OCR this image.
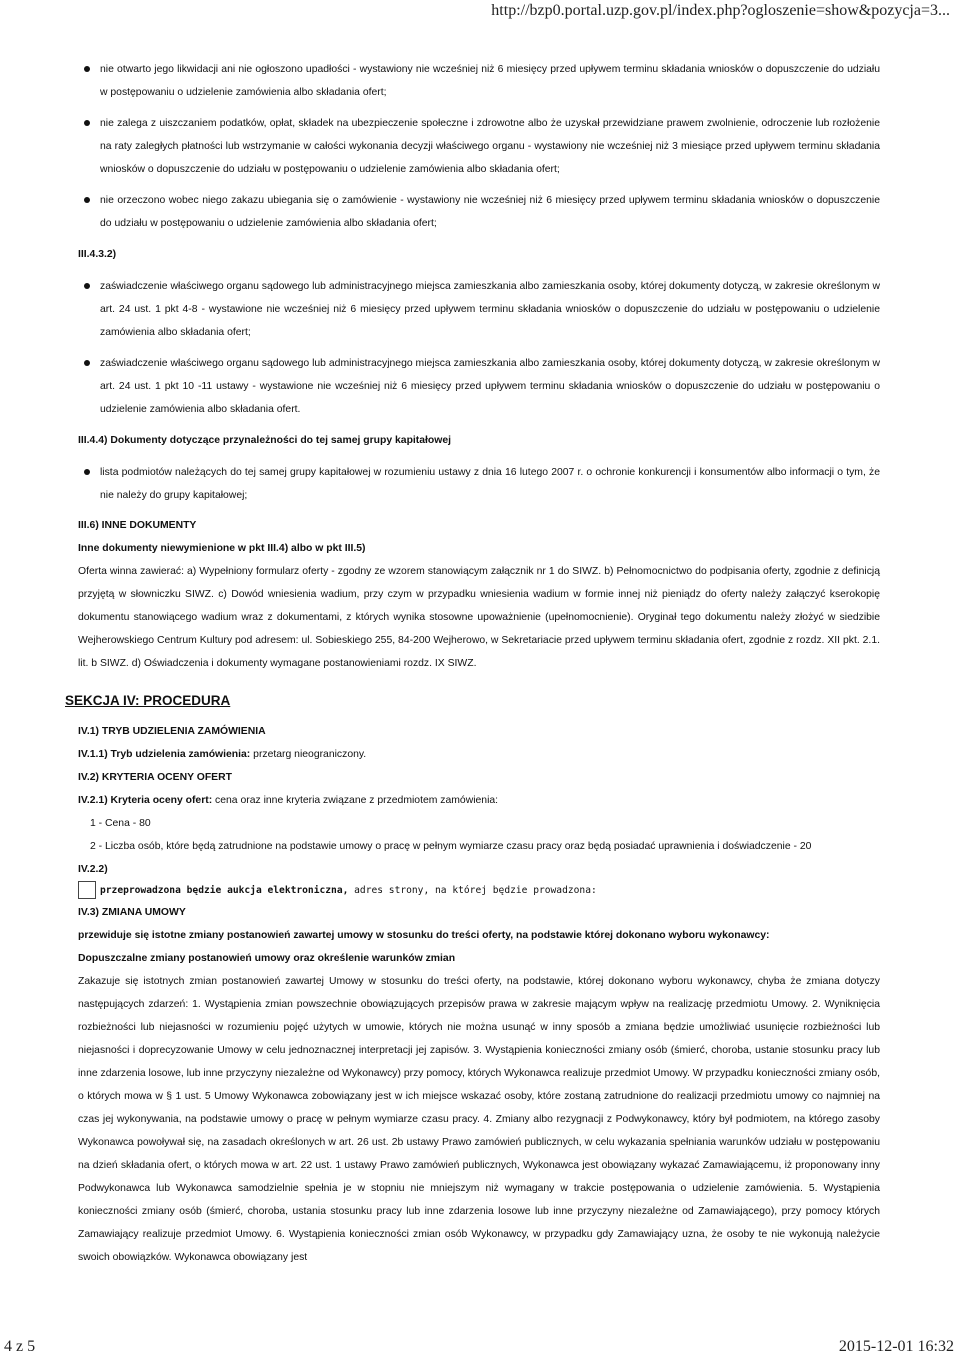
http://bzp0.portal.uzp.gov.pl/index.php?ogloszenie=show&pozycja=3...
nie otwarto jego likwidacji ani nie ogłoszono upadłości - wystawiony nie wcześniej niż 6 miesięcy przed upływem terminu składania wniosków o dopuszczenie do udziału w postępowaniu o udzielenie zamówienia albo składania ofert;
nie zalega z uiszczaniem podatków, opłat, składek na ubezpieczenie społeczne i zdrowotne albo że uzyskał przewidziane prawem zwolnienie, odroczenie lub rozłożenie na raty zaległych płatności lub wstrzymanie w całości wykonania decyzji właściwego organu - wystawiony nie wcześniej niż 3 miesiące przed upływem terminu składania wniosków o dopuszczenie do udziału w postępowaniu o udzielenie zamówienia albo składania ofert;
nie orzeczono wobec niego zakazu ubiegania się o zamówienie - wystawiony nie wcześniej niż 6 miesięcy przed upływem terminu składania wniosków o dopuszczenie do udziału w postępowaniu o udzielenie zamówienia albo składania ofert;
III.4.3.2)
zaświadczenie właściwego organu sądowego lub administracyjnego miejsca zamieszkania albo zamieszkania osoby, której dokumenty dotyczą, w zakresie określonym w art. 24 ust. 1 pkt 4-8 - wystawione nie wcześniej niż 6 miesięcy przed upływem terminu składania wniosków o dopuszczenie do udziału w postępowaniu o udzielenie zamówienia albo składania ofert;
zaświadczenie właściwego organu sądowego lub administracyjnego miejsca zamieszkania albo zamieszkania osoby, której dokumenty dotyczą, w zakresie określonym w art. 24 ust. 1 pkt 10 -11 ustawy - wystawione nie wcześniej niż 6 miesięcy przed upływem terminu składania wniosków o dopuszczenie do udziału w postępowaniu o udzielenie zamówienia albo składania ofert.
III.4.4) Dokumenty dotyczące przynależności do tej samej grupy kapitałowej
lista podmiotów należących do tej samej grupy kapitałowej w rozumieniu ustawy z dnia 16 lutego 2007 r. o ochronie konkurencji i konsumentów albo informacji o tym, że nie należy do grupy kapitałowej;
III.6) INNE DOKUMENTY
Inne dokumenty niewymienione w pkt III.4) albo w pkt III.5)

Oferta winna zawierać: a) Wypełniony formularz oferty - zgodny ze wzorem stanowiącym załącznik nr 1 do SIWZ. b) Pełnomocnictwo do podpisania oferty, zgodnie z definicją przyjętą w słowniczku SIWZ. c) Dowód wniesienia wadium, przy czym w przypadku wniesienia wadium w formie innej niż pieniądz do oferty należy załączyć kserokopię dokumentu stanowiącego wadium wraz z dokumentami, z których wynika stosowne upoważnienie (upełnomocnienie). Oryginał tego dokumentu należy złożyć w siedzibie Wejherowskiego Centrum Kultury pod adresem: ul. Sobieskiego 255, 84-200 Wejherowo, w Sekretariacie przed upływem terminu składania ofert, zgodnie z rozdz. XII pkt. 2.1. lit. b SIWZ. d) Oświadczenia i dokumenty wymagane postanowieniami rozdz. IX SIWZ.

SEKCJA IV: PROCEDURA
IV.1) TRYB UDZIELENIA ZAMÓWIENIA
IV.1.1) Tryb udzielenia zamówienia: przetarg nieograniczony.
IV.2) KRYTERIA OCENY OFERT
IV.2.1) Kryteria oceny ofert: cena oraz inne kryteria związane z przedmiotem zamówienia:
1 - Cena - 80
2 - Liczba osób, które będą zatrudnione na podstawie umowy o pracę w pełnym wymiarze czasu pracy oraz będą posiadać uprawnienia i doświadczenie - 20
IV.2.2)
przeprowadzona będzie aukcja elektroniczna, adres strony, na której będzie prowadzona:
IV.3) ZMIANA UMOWY
przewiduje się istotne zmiany postanowień zawartej umowy w stosunku do treści oferty, na podstawie której dokonano wyboru wykonawcy:
Dopuszczalne zmiany postanowień umowy oraz określenie warunków zmian

Zakazuje się istotnych zmian postanowień zawartej Umowy w stosunku do treści oferty, na podstawie, której dokonano wyboru wykonawcy, chyba że zmiana dotyczy następujących zdarzeń: 1. Wystąpienia zmian powszechnie obowiązujących przepisów prawa w zakresie mającym wpływ na realizację przedmiotu Umowy. 2. Wyniknięcia rozbieżności lub niejasności w rozumieniu pojęć użytych w umowie, których nie można usunąć w inny sposób a zmiana będzie umożliwiać usunięcie rozbieżności lub niejasności i doprecyzowanie Umowy w celu jednoznacznej interpretacji jej zapisów. 3. Wystąpienia konieczności zmiany osób (śmierć, choroba, ustanie stosunku pracy lub inne zdarzenia losowe, lub inne przyczyny niezależne od Wykonawcy) przy pomocy, których Wykonawca realizuje przedmiot Umowy. W przypadku konieczności zmiany osób, o których mowa w § 1 ust. 5 Umowy Wykonawca zobowiązany jest w ich miejsce wskazać osoby, które zostaną zatrudnione do realizacji przedmiotu umowy co najmniej na czas jej wykonywania, na podstawie umowy o pracę w pełnym wymiarze czasu pracy. 4. Zmiany albo rezygnacji z Podwykonawcy, który był podmiotem, na którego zasoby Wykonawca powoływał się, na zasadach określonych w art. 26 ust. 2b ustawy Prawo zamówień publicznych, w celu wykazania spełniania warunków udziału w postępowaniu na dzień składania ofert, o których mowa w art. 22 ust. 1 ustawy Prawo zamówień publicznych, Wykonawca jest obowiązany wykazać Zamawiającemu, iż proponowany inny Podwykonawca lub Wykonawca samodzielnie spełnia je w stopniu nie mniejszym niż wymagany w trakcie postępowania o udzielenie zamówienia. 5. Wystąpienia konieczności zmiany osób (śmierć, choroba, ustania stosunku pracy lub inne zdarzenia losowe lub inne przyczyny niezależne od Zamawiającego), przy pomocy których Zamawiający realizuje przedmiot Umowy. 6. Wystąpienia konieczności zmian osób Wykonawcy, w przypadku gdy Zamawiający uzna, że osoby te nie wykonują należycie swoich obowiązków. Wykonawca obowiązany jest

4 z 5	2015-12-01 16:32
